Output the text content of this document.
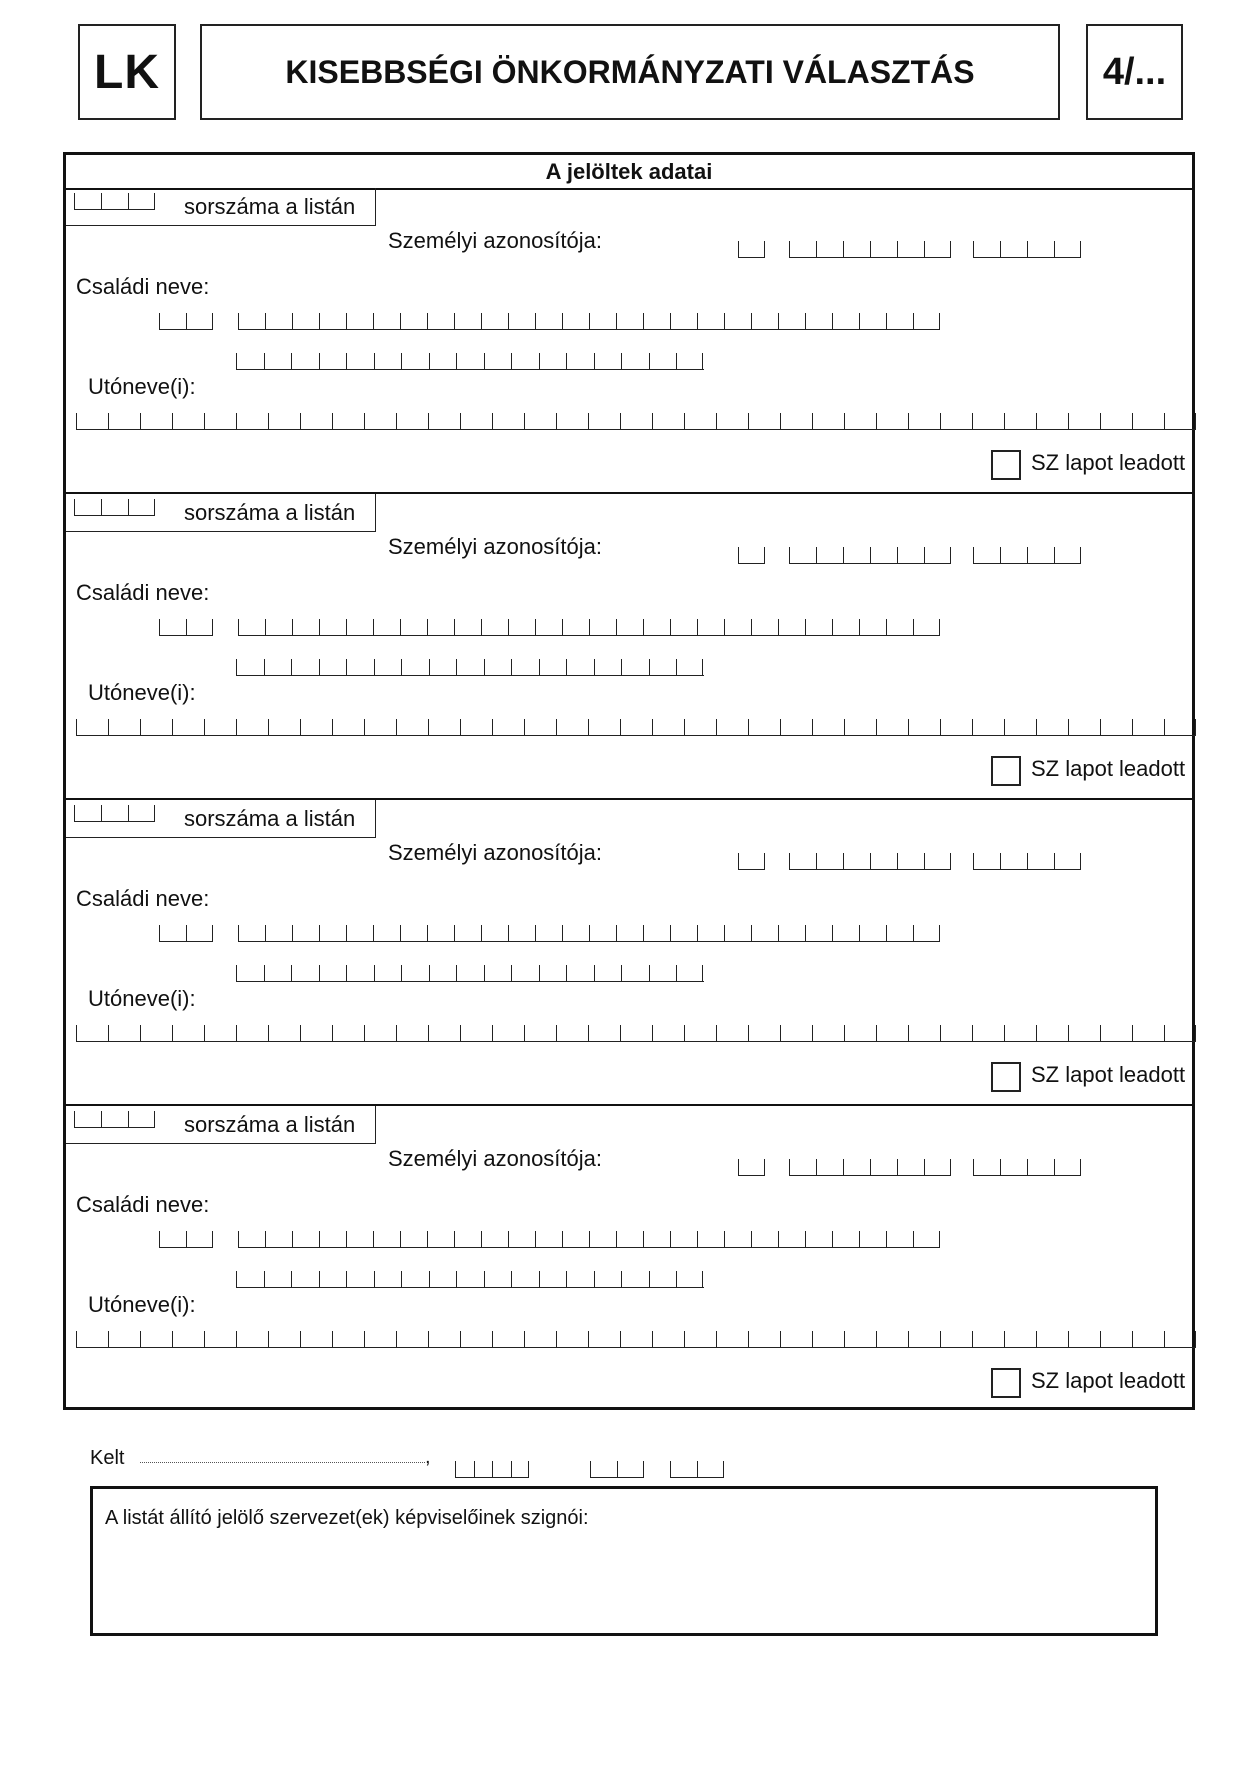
LK	KISEBBSÉGI ÖNKORMÁNYZATI VÁLASZTÁS	4/...
A jelöltek adatai
sorszáma a listán
Személyi azonosítója:
Családi neve:
Utóneve(i):
SZ lapot leadott
sorszáma a listán
Személyi azonosítója:
Családi neve:
Utóneve(i):
SZ lapot leadott
sorszáma a listán
Személyi azonosítója:
Családi neve:
Utóneve(i):
SZ lapot leadott
sorszáma a listán
Személyi azonosítója:
Családi neve:
Utóneve(i):
SZ lapot leadott
Kelt	,
A listát állító jelölő szervezet(ek) képviselőinek szignói:
